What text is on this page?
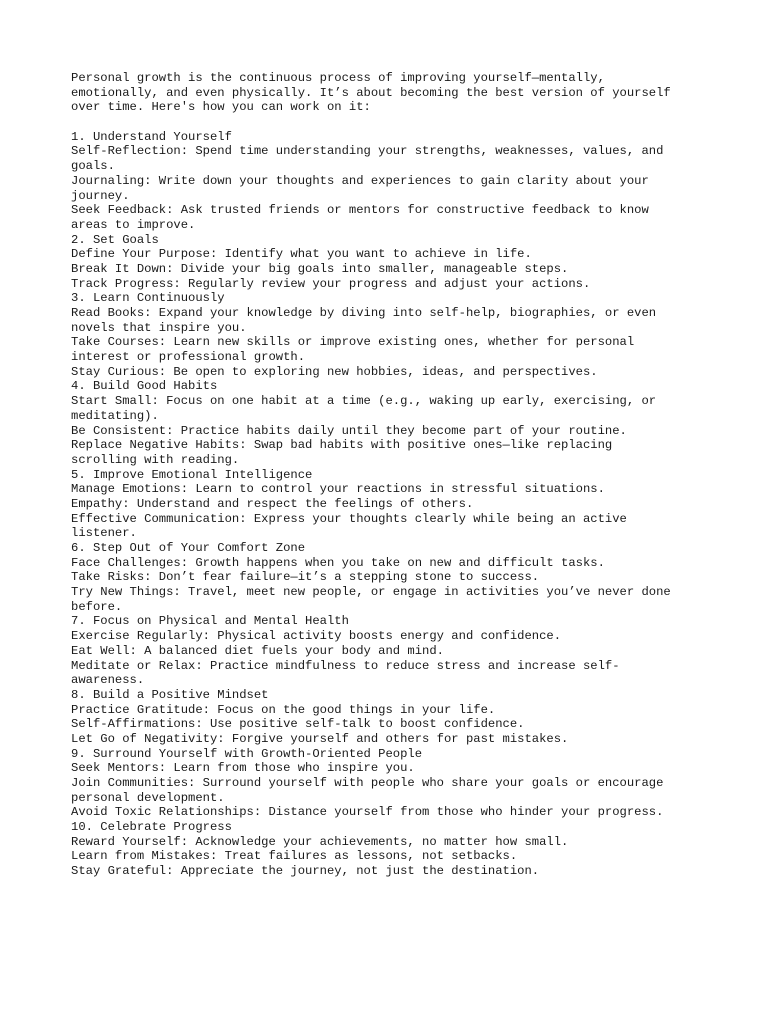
Personal growth is the continuous process of improving yourself—mentally,
emotionally, and even physically. It’s about becoming the best version of yourself
over time. Here's how you can work on it:
1. Understand Yourself
Self-Reflection: Spend time understanding your strengths, weaknesses, values, and
goals.
Journaling: Write down your thoughts and experiences to gain clarity about your
journey.
Seek Feedback: Ask trusted friends or mentors for constructive feedback to know
areas to improve.
2. Set Goals
Define Your Purpose: Identify what you want to achieve in life.
Break It Down: Divide your big goals into smaller, manageable steps.
Track Progress: Regularly review your progress and adjust your actions.
3. Learn Continuously
Read Books: Expand your knowledge by diving into self-help, biographies, or even
novels that inspire you.
Take Courses: Learn new skills or improve existing ones, whether for personal
interest or professional growth.
Stay Curious: Be open to exploring new hobbies, ideas, and perspectives.
4. Build Good Habits
Start Small: Focus on one habit at a time (e.g., waking up early, exercising, or
meditating).
Be Consistent: Practice habits daily until they become part of your routine.
Replace Negative Habits: Swap bad habits with positive ones—like replacing
scrolling with reading.
5. Improve Emotional Intelligence
Manage Emotions: Learn to control your reactions in stressful situations.
Empathy: Understand and respect the feelings of others.
Effective Communication: Express your thoughts clearly while being an active
listener.
6. Step Out of Your Comfort Zone
Face Challenges: Growth happens when you take on new and difficult tasks.
Take Risks: Don’t fear failure—it’s a stepping stone to success.
Try New Things: Travel, meet new people, or engage in activities you’ve never done
before.
7. Focus on Physical and Mental Health
Exercise Regularly: Physical activity boosts energy and confidence.
Eat Well: A balanced diet fuels your body and mind.
Meditate or Relax: Practice mindfulness to reduce stress and increase self-
awareness.
8. Build a Positive Mindset
Practice Gratitude: Focus on the good things in your life.
Self-Affirmations: Use positive self-talk to boost confidence.
Let Go of Negativity: Forgive yourself and others for past mistakes.
9. Surround Yourself with Growth-Oriented People
Seek Mentors: Learn from those who inspire you.
Join Communities: Surround yourself with people who share your goals or encourage
personal development.
Avoid Toxic Relationships: Distance yourself from those who hinder your progress.
10. Celebrate Progress
Reward Yourself: Acknowledge your achievements, no matter how small.
Learn from Mistakes: Treat failures as lessons, not setbacks.
Stay Grateful: Appreciate the journey, not just the destination.
